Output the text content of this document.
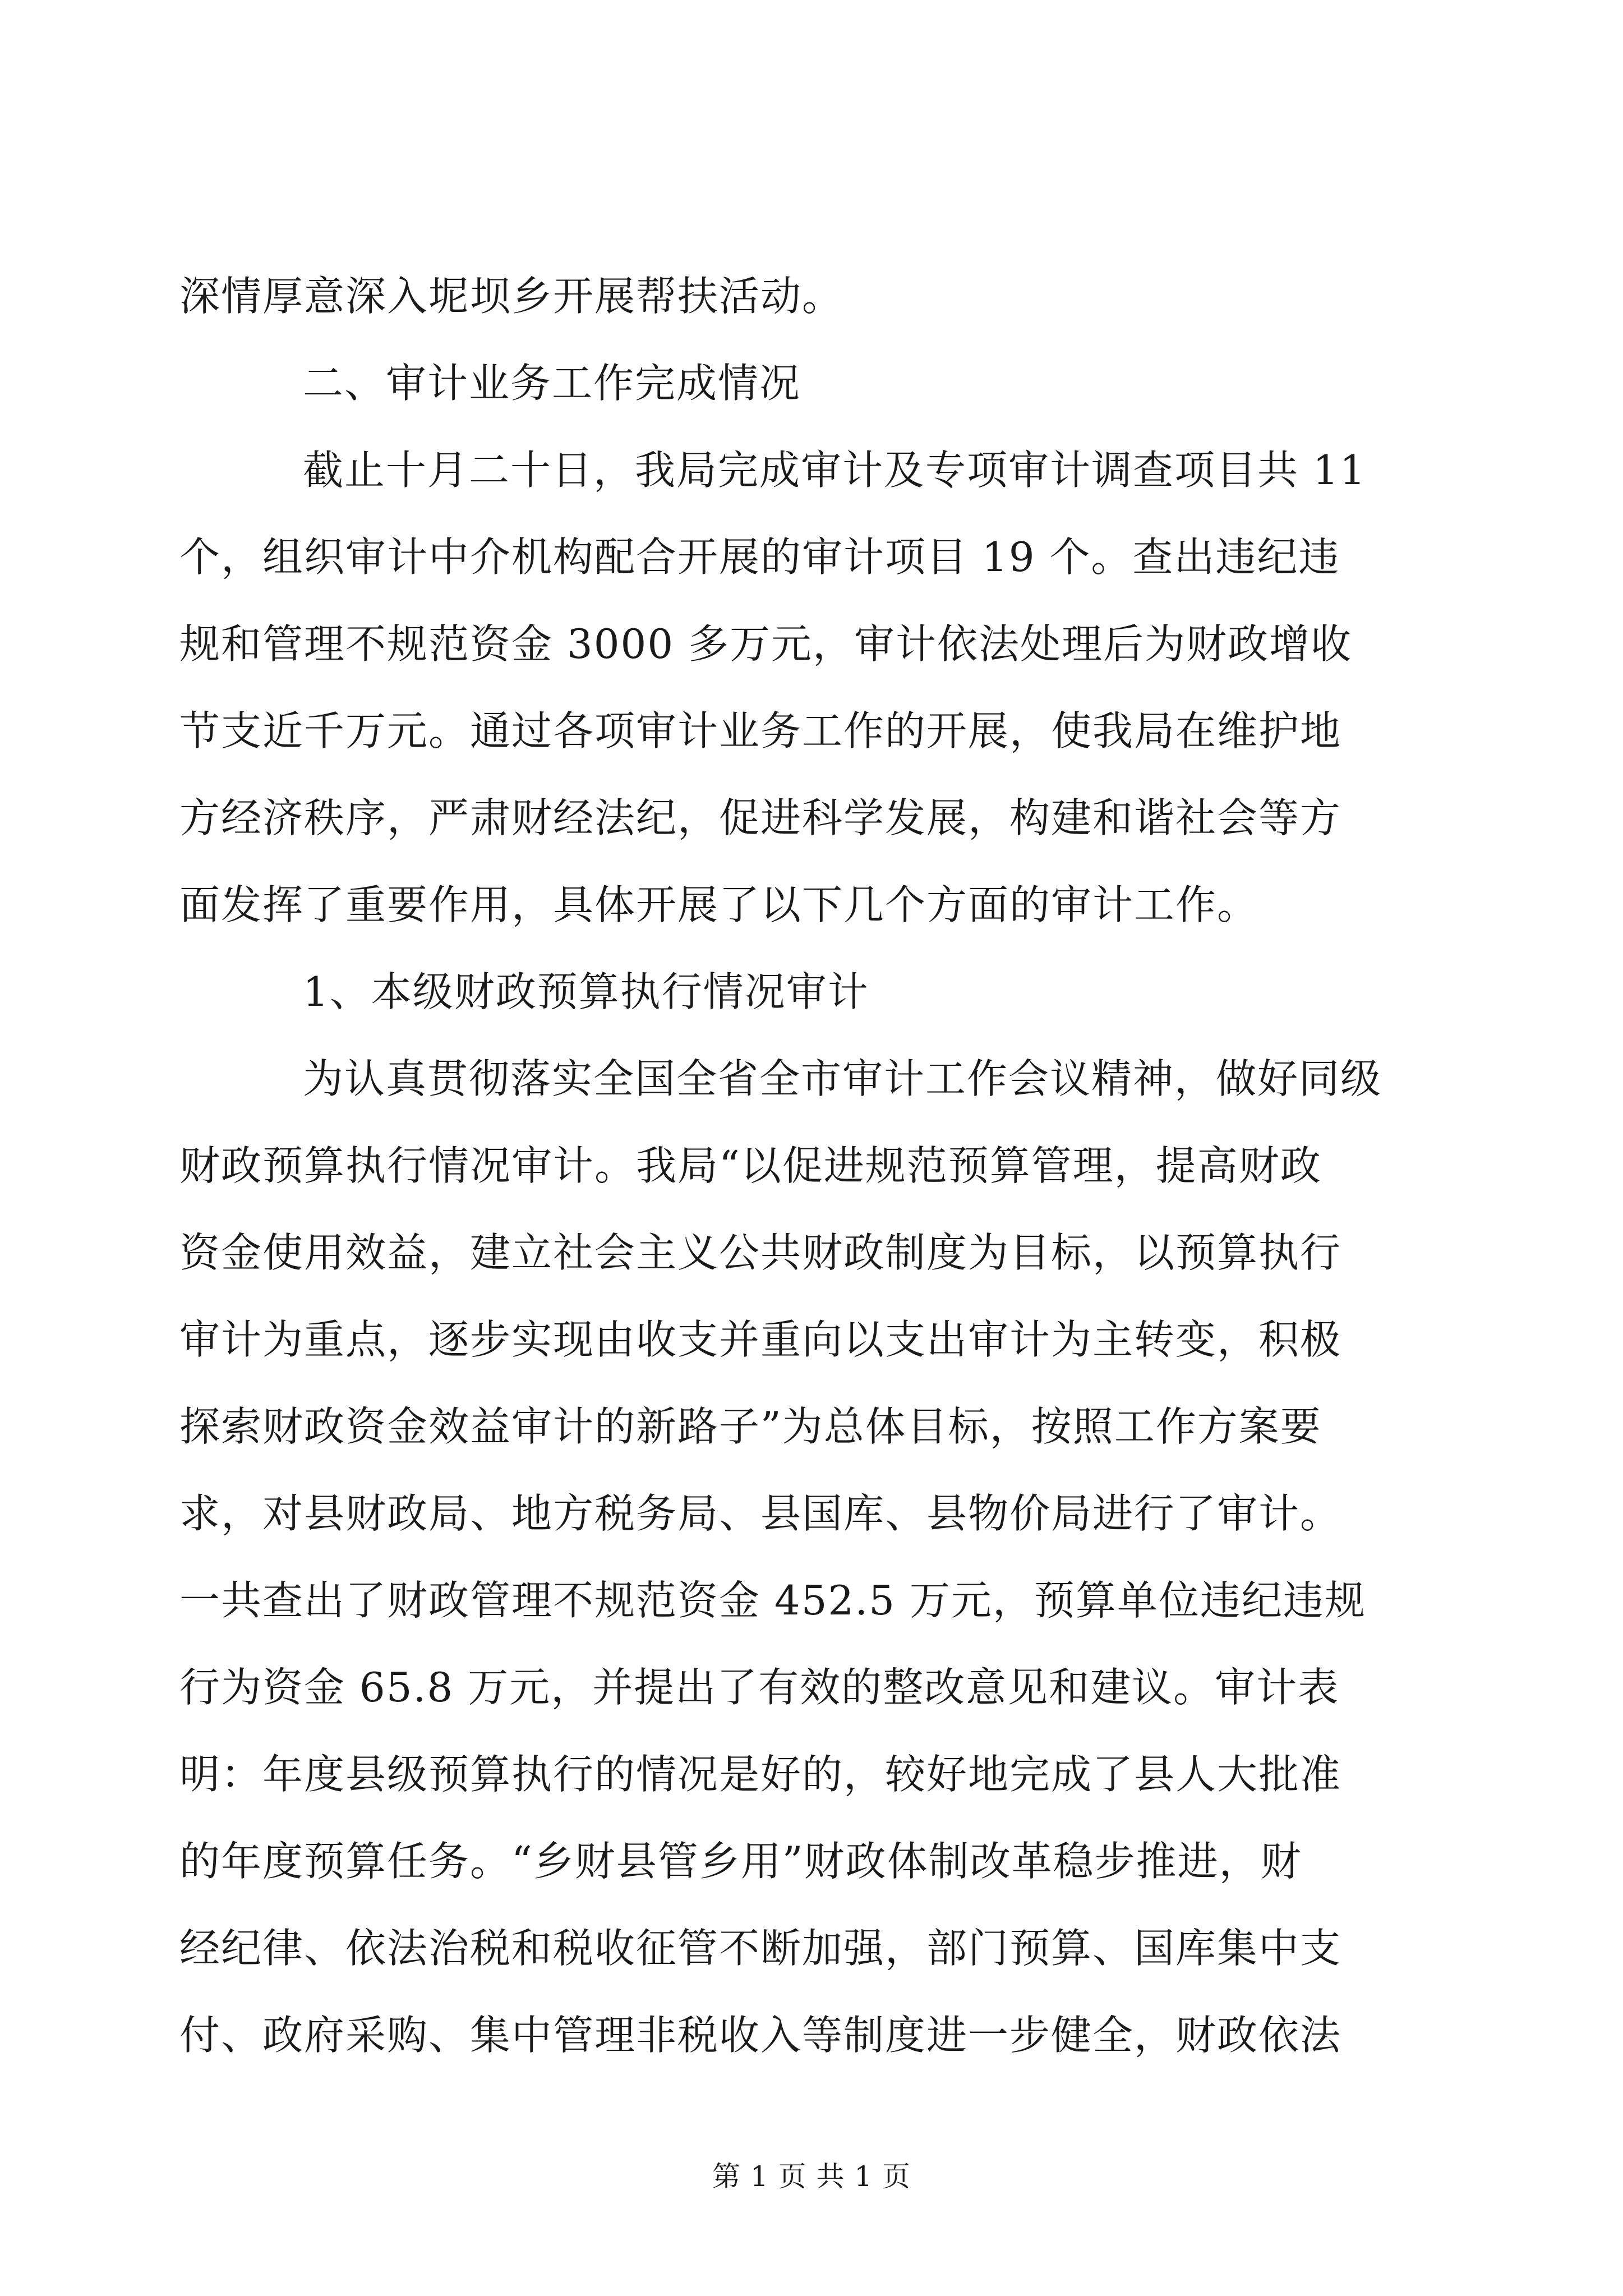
深情厚意深入坭坝乡开展帮扶活动。
二、审计业务工作完成情况
截止十月二十日，我局完成审计及专项审计调查项目共 11
个，组织审计中介机构配合开展的审计项目 19 个。查出违纪违
规和管理不规范资金 3000 多万元，审计依法处理后为财政增收
节支近千万元。通过各项审计业务工作的开展，使我局在维护地
方经济秩序，严肃财经法纪，促进科学发展，构建和谐社会等方
面发挥了重要作用，具体开展了以下几个方面的审计工作。
1、本级财政预算执行情况审计
为认真贯彻落实全国全省全市审计工作会议精神，做好同级
财政预算执行情况审计。我局“以促进规范预算管理，提高财政
资金使用效益，建立社会主义公共财政制度为目标，以预算执行
审计为重点，逐步实现由收支并重向以支出审计为主转变，积极
探索财政资金效益审计的新路子”为总体目标，按照工作方案要
求，对县财政局、地方税务局、县国库、县物价局进行了审计。
一共查出了财政管理不规范资金 452.5 万元，预算单位违纪违规
行为资金 65.8 万元，并提出了有效的整改意见和建议。审计表
明：年度县级预算执行的情况是好的，较好地完成了县人大批准
的年度预算任务。“乡财县管乡用”财政体制改革稳步推进，财
经纪律、依法治税和税收征管不断加强，部门预算、国库集中支
付、政府采购、集中管理非税收入等制度进一步健全，财政依法
第 1 页 共 1 页
